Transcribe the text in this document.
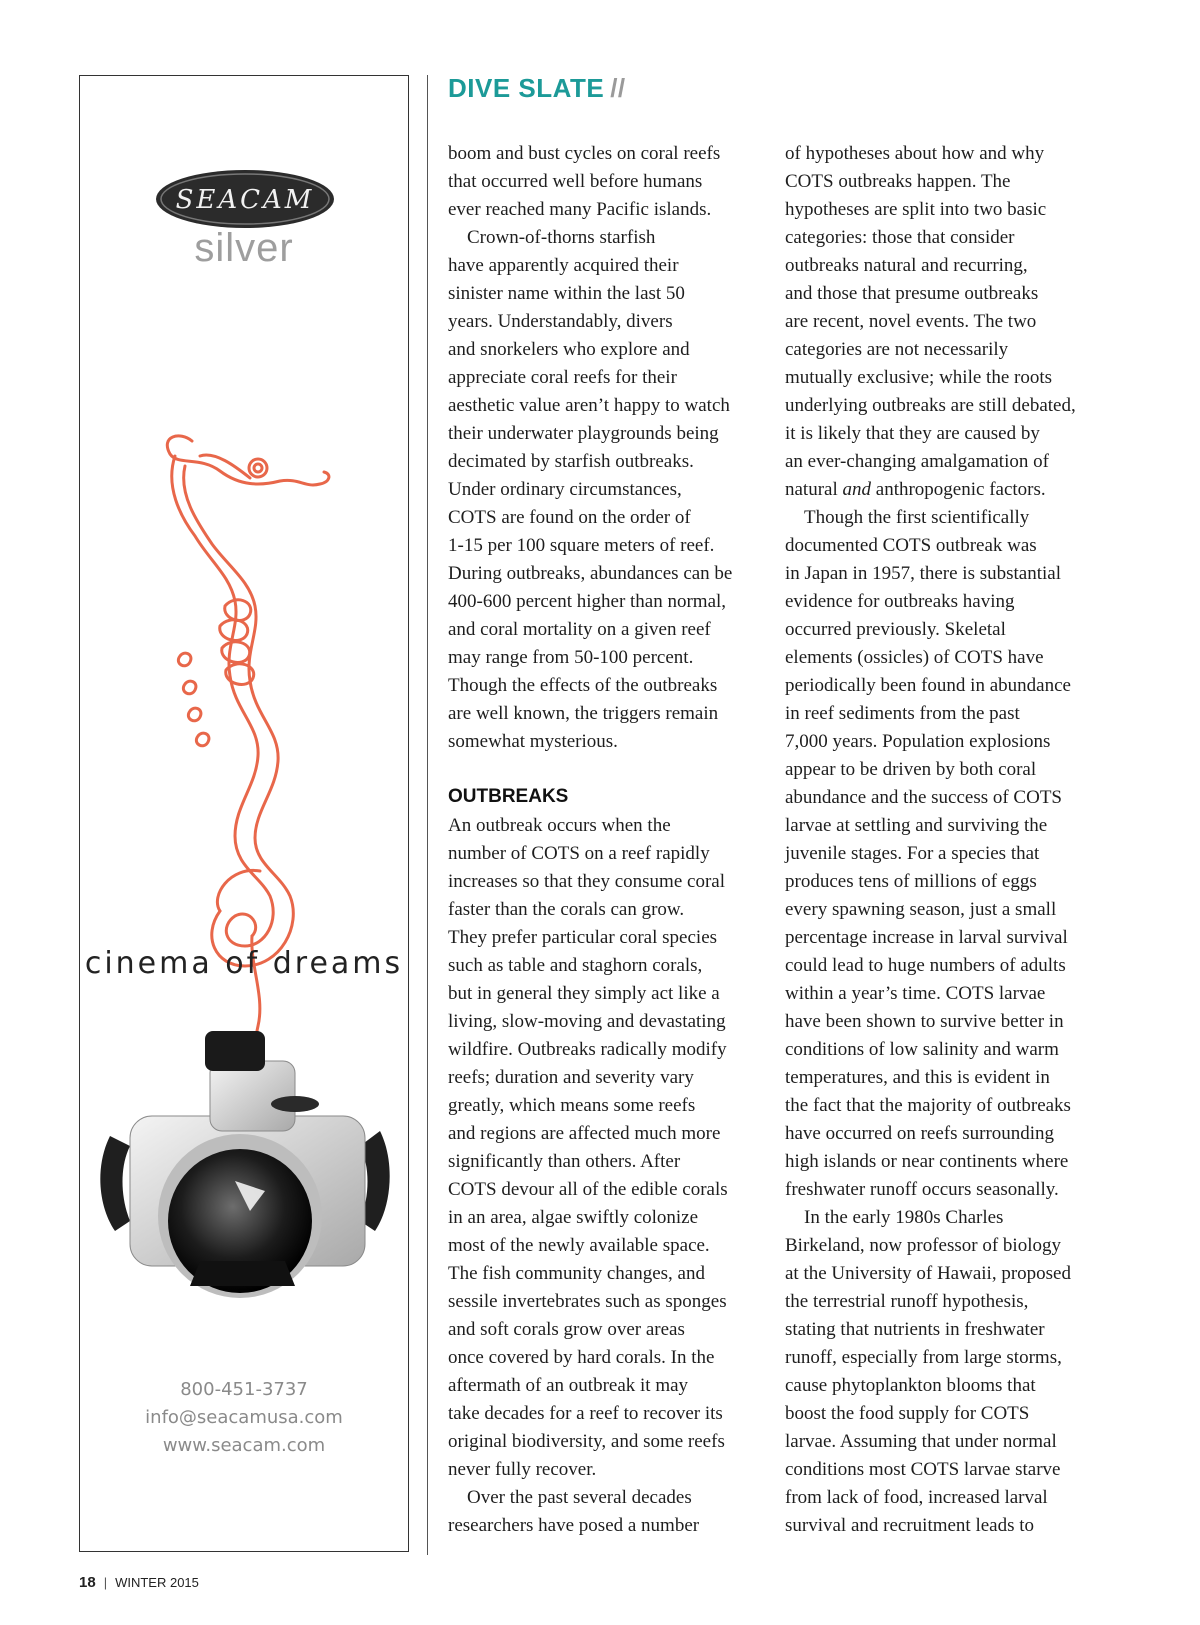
SEACAM
silver
cinema of dreams
800-451-3737
info@seacamusa.com
www.seacam.com
DIVE SLATE //
boom and bust cycles on coral reefs
that occurred well before humans
ever reached many Pacific islands.
Crown-of-thorns starfish
have apparently acquired their
sinister name within the last 50
years. Understandably, divers
and snorkelers who explore and
appreciate coral reefs for their
aesthetic value aren’t happy to watch
their underwater playgrounds being
decimated by starfish outbreaks.
Under ordinary circumstances,
COTS are found on the order of
1-15 per 100 square meters of reef.
During outbreaks, abundances can be
400-600 percent higher than normal,
and coral mortality on a given reef
may range from 50-100 percent.
Though the effects of the outbreaks
are well known, the triggers remain
somewhat mysterious.
OUTBREAKS
An outbreak occurs when the
number of COTS on a reef rapidly
increases so that they consume coral
faster than the corals can grow.
They prefer particular coral species
such as table and staghorn corals,
but in general they simply act like a
living, slow-moving and devastating
wildfire. Outbreaks radically modify
reefs; duration and severity vary
greatly, which means some reefs
and regions are affected much more
significantly than others. After
COTS devour all of the edible corals
in an area, algae swiftly colonize
most of the newly available space.
The fish community changes, and
sessile invertebrates such as sponges
and soft corals grow over areas
once covered by hard corals. In the
aftermath of an outbreak it may
take decades for a reef to recover its
original biodiversity, and some reefs
never fully recover.
Over the past several decades
researchers have posed a number
of hypotheses about how and why
COTS outbreaks happen. The
hypotheses are split into two basic
categories: those that consider
outbreaks natural and recurring,
and those that presume outbreaks
are recent, novel events. The two
categories are not necessarily
mutually exclusive; while the roots
underlying outbreaks are still debated,
it is likely that they are caused by
an ever-changing amalgamation of
natural and anthropogenic factors.
Though the first scientifically
documented COTS outbreak was
in Japan in 1957, there is substantial
evidence for outbreaks having
occurred previously. Skeletal
elements (ossicles) of COTS have
periodically been found in abundance
in reef sediments from the past
7,000 years. Population explosions
appear to be driven by both coral
abundance and the success of COTS
larvae at settling and surviving the
juvenile stages. For a species that
produces tens of millions of eggs
every spawning season, just a small
percentage increase in larval survival
could lead to huge numbers of adults
within a year’s time. COTS larvae
have been shown to survive better in
conditions of low salinity and warm
temperatures, and this is evident in
the fact that the majority of outbreaks
have occurred on reefs surrounding
high islands or near continents where
freshwater runoff occurs seasonally.
In the early 1980s Charles
Birkeland, now professor of biology
at the University of Hawaii, proposed
the terrestrial runoff hypothesis,
stating that nutrients in freshwater
runoff, especially from large storms,
cause phytoplankton blooms that
boost the food supply for COTS
larvae. Assuming that under normal
conditions most COTS larvae starve
from lack of food, increased larval
survival and recruitment leads to
18 | WINTER 2015
